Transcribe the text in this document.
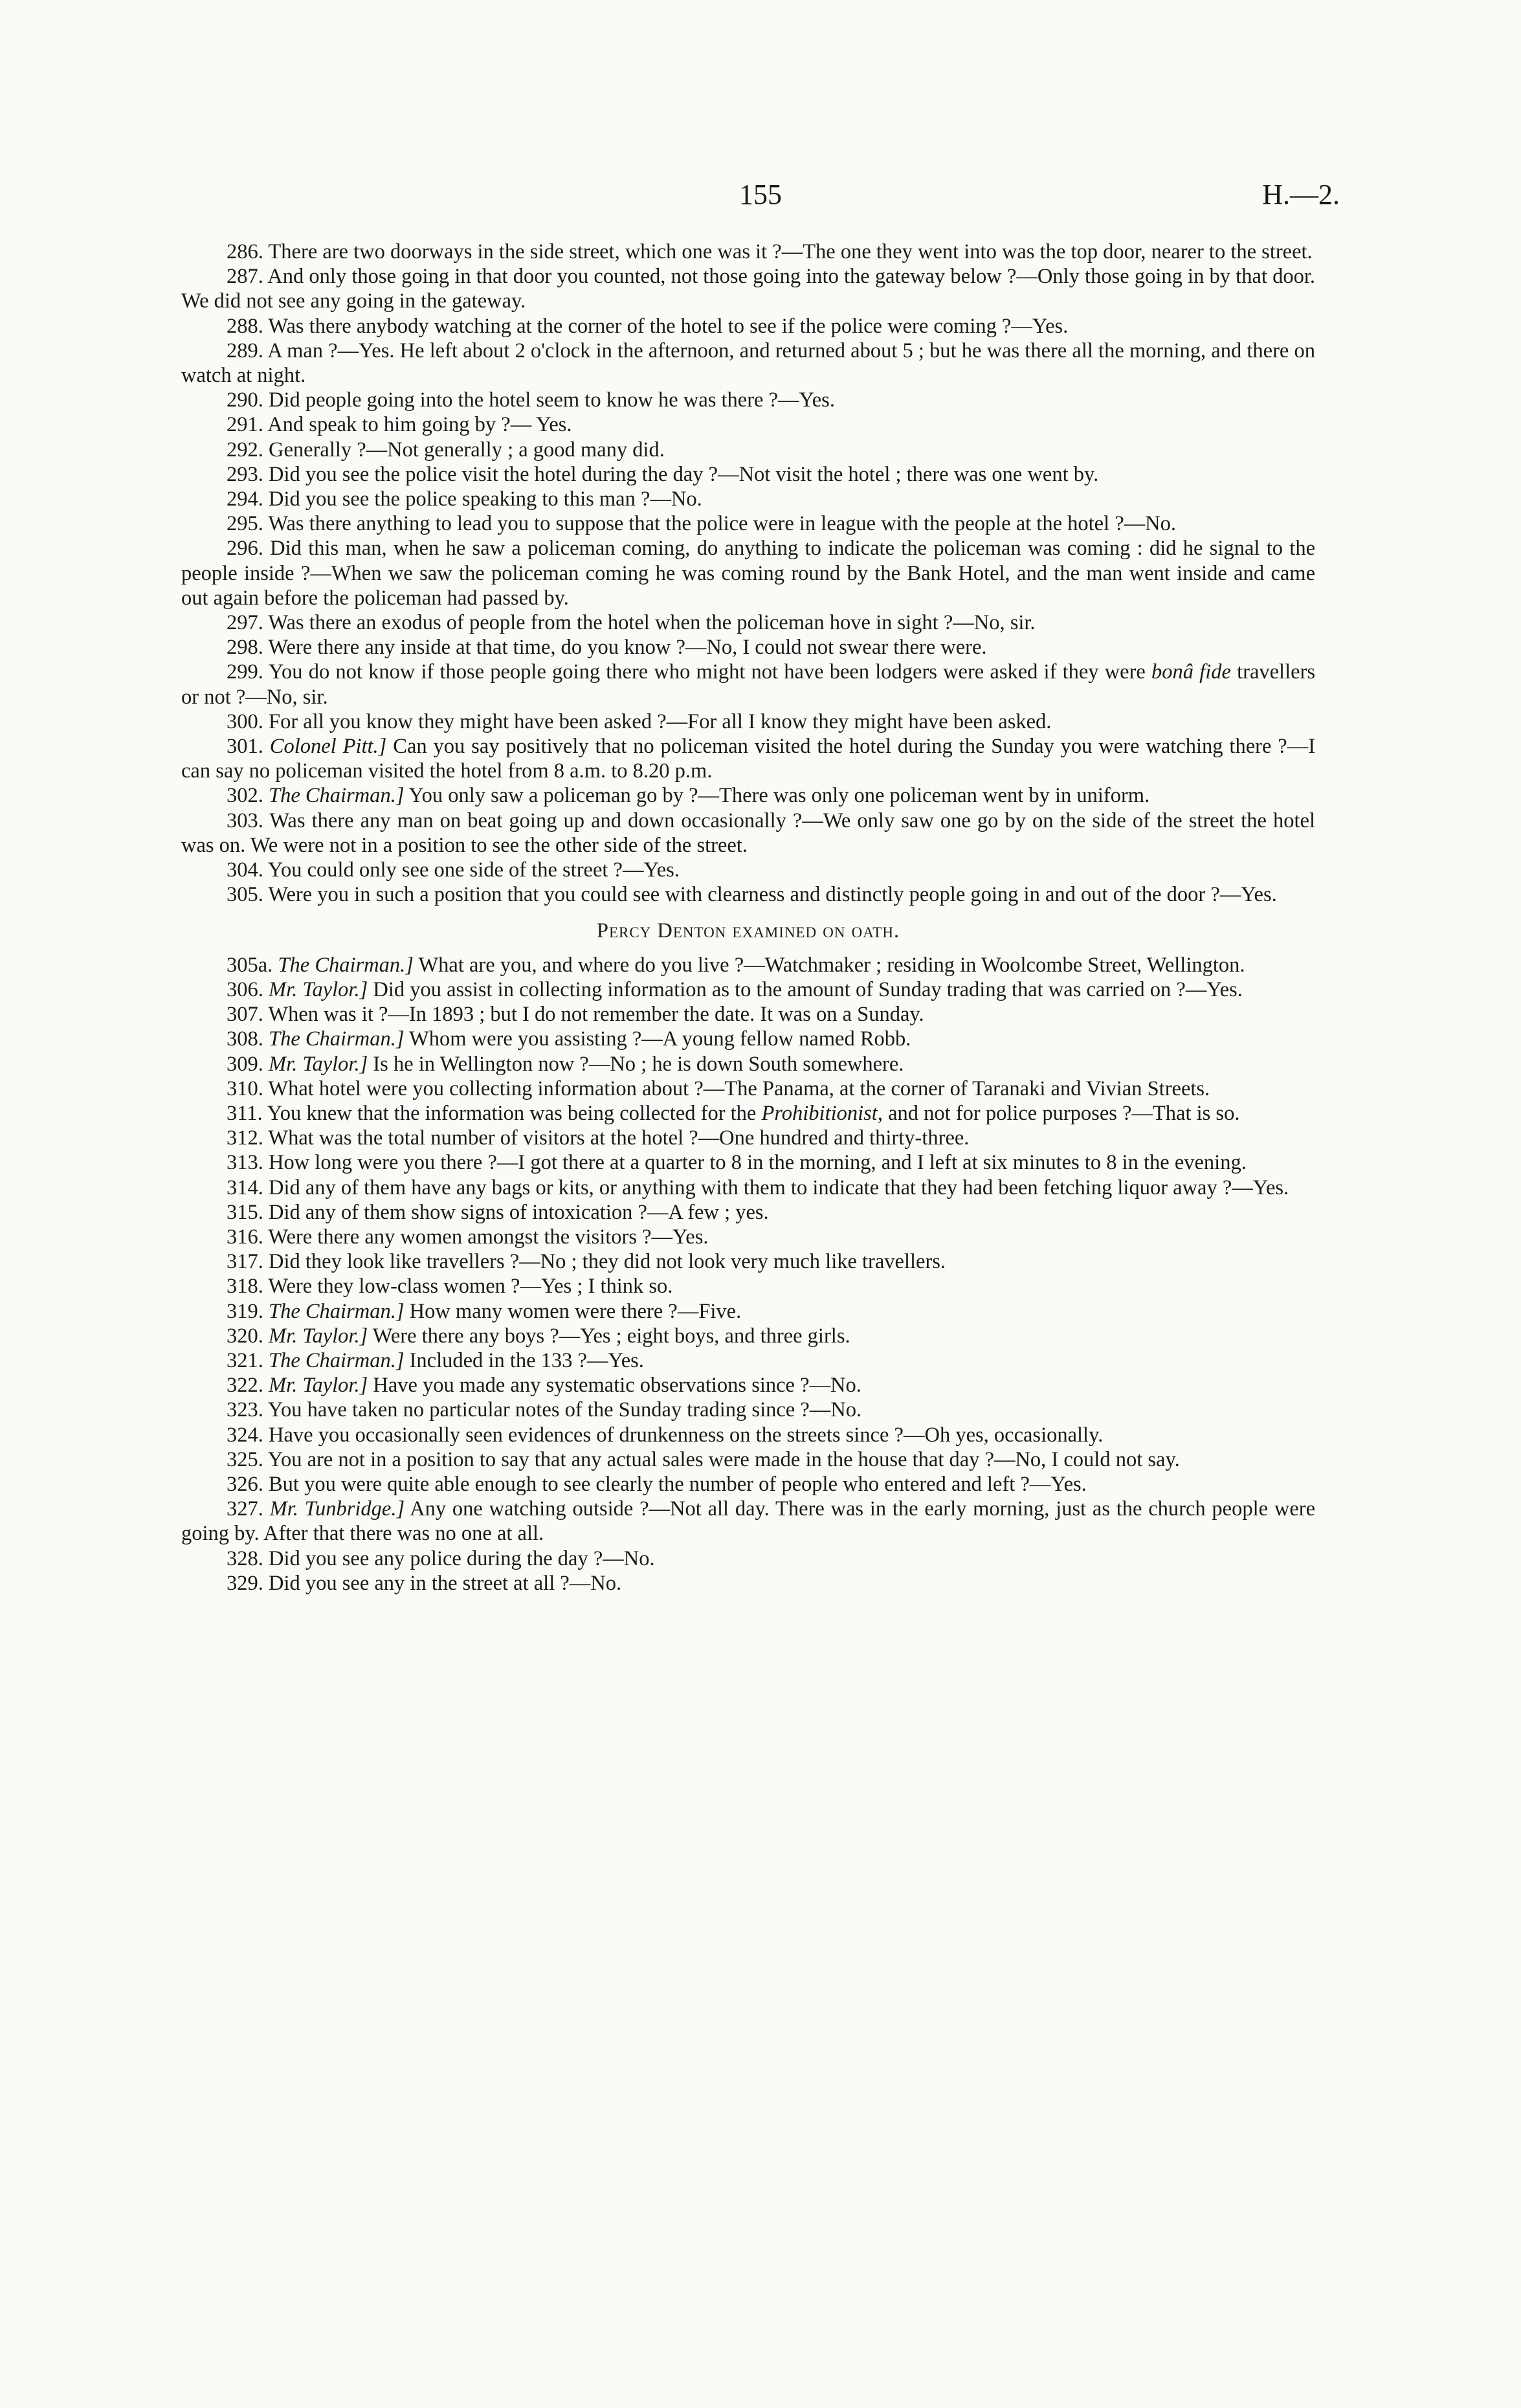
155	H.—2.

286. There are two doorways in the side street, which one was it ?—The one they went into was the top door, nearer to the street.

287. And only those going in that door you counted, not those going into the gateway below ?—Only those going in by that door. We did not see any going in the gateway.

288. Was there anybody watching at the corner of the hotel to see if the police were coming ?—Yes.

289. A man ?—Yes. He left about 2 o'clock in the afternoon, and returned about 5 ; but he was there all the morning, and there on watch at night.

290. Did people going into the hotel seem to know he was there ?—Yes.

291. And speak to him going by ?— Yes.

292. Generally ?—Not generally ; a good many did.

293. Did you see the police visit the hotel during the day ?—Not visit the hotel ; there was one went by.

294. Did you see the police speaking to this man ?—No.

295. Was there anything to lead you to suppose that the police were in league with the people at the hotel ?—No.

296. Did this man, when he saw a policeman coming, do anything to indicate the policeman was coming : did he signal to the people inside ?—When we saw the policeman coming he was coming round by the Bank Hotel, and the man went inside and came out again before the policeman had passed by.

297. Was there an exodus of people from the hotel when the policeman hove in sight ?—No, sir.

298. Were there any inside at that time, do you know ?—No, I could not swear there were.

299. You do not know if those people going there who might not have been lodgers were asked if they were bonâ fide travellers or not ?—No, sir.

300. For all you know they might have been asked ?—For all I know they might have been asked.

301. Colonel Pitt.] Can you say positively that no policeman visited the hotel during the Sunday you were watching there ?—I can say no policeman visited the hotel from 8 a.m. to 8.20 p.m.

302. The Chairman.] You only saw a policeman go by ?—There was only one policeman went by in uniform.

303. Was there any man on beat going up and down occasionally ?—We only saw one go by on the side of the street the hotel was on. We were not in a position to see the other side of the street.

304. You could only see one side of the street ?—Yes.

305. Were you in such a position that you could see with clearness and distinctly people going in and out of the door ?—Yes.

Percy Denton examined on oath.

305a. The Chairman.] What are you, and where do you live ?—Watchmaker ; residing in Woolcombe Street, Wellington.

306. Mr. Taylor.] Did you assist in collecting information as to the amount of Sunday trading that was carried on ?—Yes.

307. When was it ?—In 1893 ; but I do not remember the date. It was on a Sunday.

308. The Chairman.] Whom were you assisting ?—A young fellow named Robb.

309. Mr. Taylor.] Is he in Wellington now ?—No ; he is down South somewhere.

310. What hotel were you collecting information about ?—The Panama, at the corner of Taranaki and Vivian Streets.

311. You knew that the information was being collected for the Prohibitionist, and not for police purposes ?—That is so.

312. What was the total number of visitors at the hotel ?—One hundred and thirty-three.

313. How long were you there ?—I got there at a quarter to 8 in the morning, and I left at six minutes to 8 in the evening.

314. Did any of them have any bags or kits, or anything with them to indicate that they had been fetching liquor away ?—Yes.

315. Did any of them show signs of intoxication ?—A few ; yes.

316. Were there any women amongst the visitors ?—Yes.

317. Did they look like travellers ?—No ; they did not look very much like travellers.

318. Were they low-class women ?—Yes ; I think so.

319. The Chairman.] How many women were there ?—Five.

320. Mr. Taylor.] Were there any boys ?—Yes ; eight boys, and three girls.

321. The Chairman.] Included in the 133 ?—Yes.

322. Mr. Taylor.] Have you made any systematic observations since ?—No.

323. You have taken no particular notes of the Sunday trading since ?—No.

324. Have you occasionally seen evidences of drunkenness on the streets since ?—Oh yes, occasionally.

325. You are not in a position to say that any actual sales were made in the house that day ?—No, I could not say.

326. But you were quite able enough to see clearly the number of people who entered and left ?—Yes.

327. Mr. Tunbridge.] Any one watching outside ?—Not all day. There was in the early morning, just as the church people were going by. After that there was no one at all.

328. Did you see any police during the day ?—No.

329. Did you see any in the street at all ?—No.
